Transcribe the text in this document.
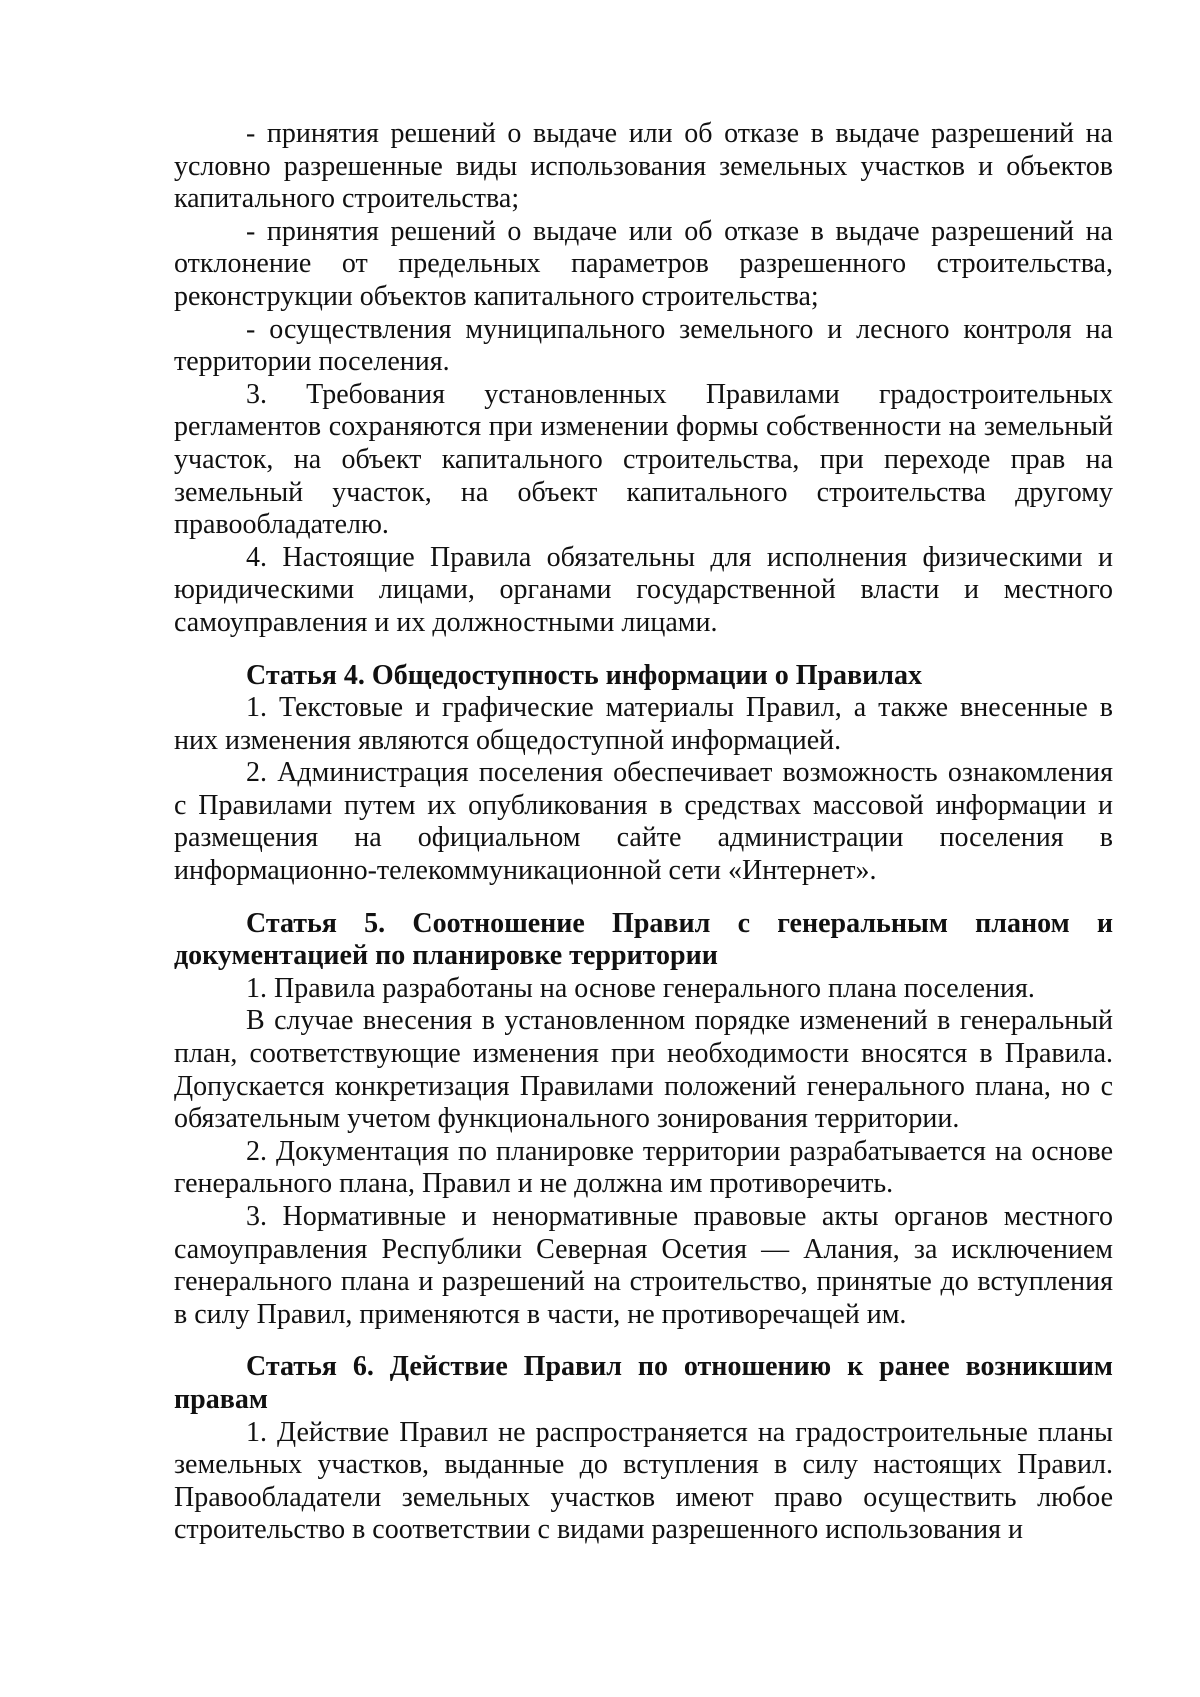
- принятия решений о выдаче или об отказе в выдаче разрешений на условно разрешенные виды использования земельных участков и объектов капитального строительства;

- принятия решений о выдаче или об отказе в выдаче разрешений на отклонение от предельных параметров разрешенного строительства, реконструкции объектов капитального строительства;

- осуществления муниципального земельного и лесного контроля на территории поселения.

3. Требования установленных Правилами градостроительных регламентов сохраняются при изменении формы собственности на земельный участок, на объект капитального строительства, при переходе прав на земельный участок, на объект капитального строительства другому правообладателю.

4. Настоящие Правила обязательны для исполнения физическими и юридическими лицами, органами государственной власти и местного самоуправления и их должностными лицами.

Статья 4. Общедоступность информации о Правилах

1. Текстовые и графические материалы Правил, а также внесенные в них изменения являются общедоступной информацией.

2. Администрация поселения обеспечивает возможность ознакомления с Правилами путем их опубликования в средствах массовой информации и размещения на официальном сайте администрации поселения в информационно-телекоммуникационной сети «Интернет».

Статья 5. Соотношение Правил с генеральным планом и документацией по планировке территории

1. Правила разработаны на основе генерального плана поселения.

В случае внесения в установленном порядке изменений в генеральный план, соответствующие изменения при необходимости вносятся в Правила. Допускается конкретизация Правилами положений генерального плана, но с обязательным учетом функционального зонирования территории.

2. Документация по планировке территории разрабатывается на основе генерального плана, Правил и не должна им противоречить.

3. Нормативные и ненормативные правовые акты органов местного самоуправления Республики Северная Осетия — Алания, за исключением генерального плана и разрешений на строительство, принятые до вступления в силу Правил, применяются в части, не противоречащей им.

Статья 6. Действие Правил по отношению к ранее возникшим правам

1. Действие Правил не распространяется на градостроительные планы земельных участков, выданные до вступления в силу настоящих Правил. Правообладатели земельных участков имеют право осуществить любое строительство в соответствии с видами разрешенного использования и
